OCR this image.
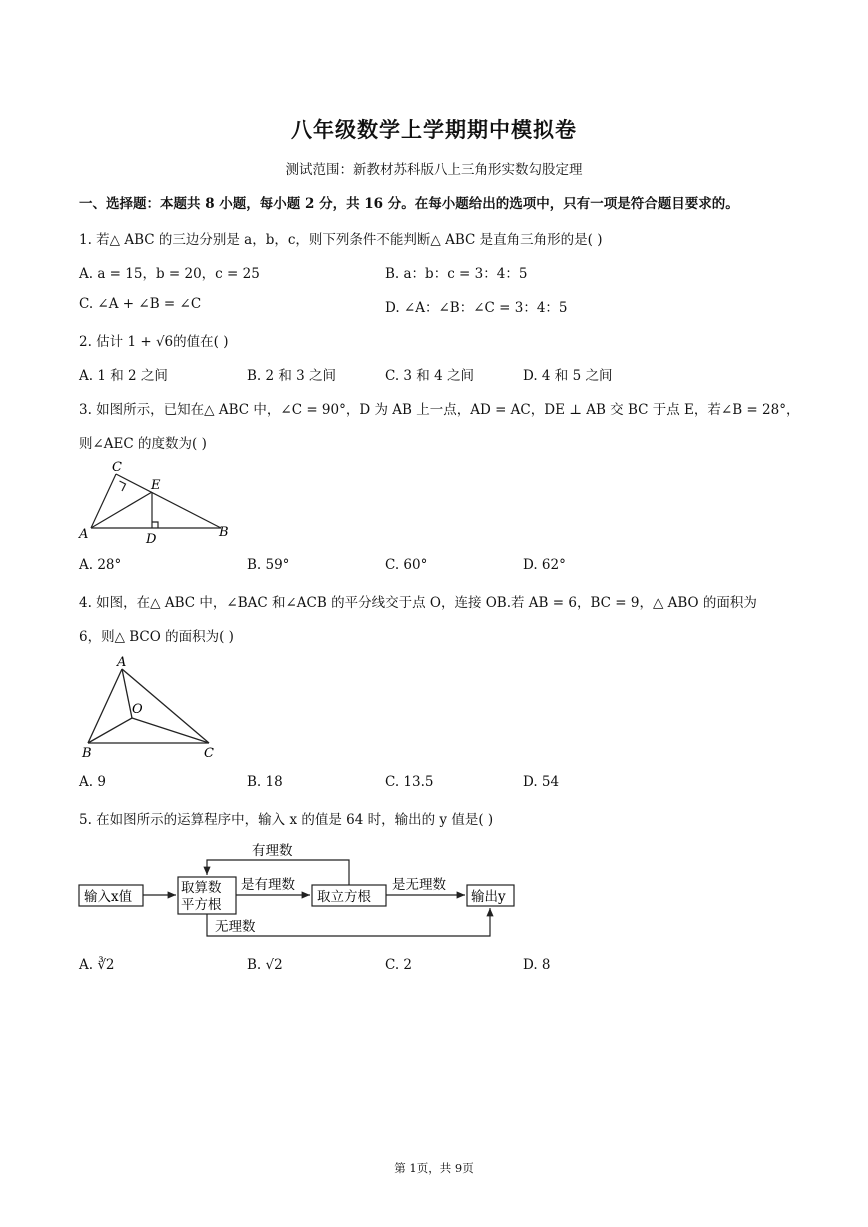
八年级数学上学期期中模拟卷
测试范围：新教材苏科版八上三角形实数勾股定理
一、选择题：本题共 8 小题，每小题 2 分，共 16 分。在每小题给出的选项中，只有一项是符合题目要求的。
1. 若△ ABC 的三边分别是 a，b，c，则下列条件不能判断△ ABC 是直角三角形的是( )
A. a = 15，b = 20，c = 25	B. a：b：c = 3：4：5
C. ∠A + ∠B = ∠C	D. ∠A：∠B：∠C = 3：4：5
2. 估计 1 + √6的值在( )
A. 1 和 2 之间	B. 2 和 3 之间	C. 3 和 4 之间	D. 4 和 5 之间
3. 如图所示，已知在△ ABC 中，∠C = 90°，D 为 AB 上一点，AD = AC，DE ⊥ AB 交 BC 于点 E，若∠B = 28°，
则∠AEC 的度数为( )
C
E
A	D	B
A. 28°	B. 59°	C. 60°	D. 62°
4. 如图，在△ ABC 中，∠BAC 和∠ACB 的平分线交于点 O，连接 OB.若 AB = 6，BC = 9，△ ABO 的面积为
6，则△ BCO 的面积为( )
A
O
B	C
A. 9	B. 18	C. 13.5	D. 54
5. 在如图所示的运算程序中，输入 x 的值是 64 时，输出的 y 值是( )
输入x值
取算数
平方根	取立方根	输出y
是有理数	是无理数
有理数
无理数
A. ∛2	B. √2	C. 2	D. 8
第 1页，共 9页
